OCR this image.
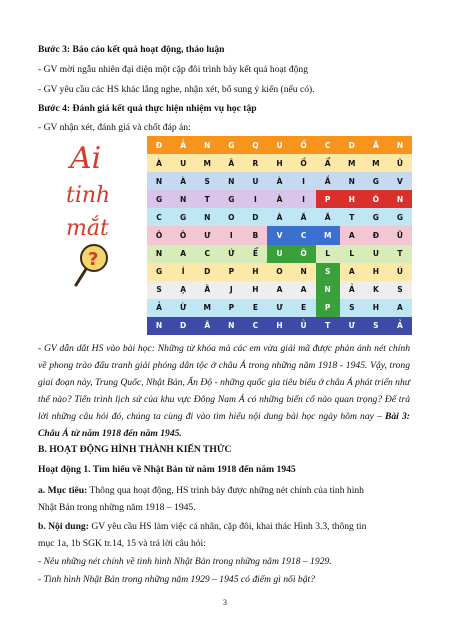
Bước 3: Báo cáo kết quả hoạt động, thảo luận
- GV mời ngẫu nhiên đại diện một cặp đôi trình bày kết quả hoạt động
- GV yêu cầu các HS khác lắng nghe, nhận xét, bổ sung ý kiến (nếu có).
Bước 4: Đánh giá kết quả thực hiện nhiệm vụ học tập
- GV nhận xét, đánh giá và chốt đáp án:
Ai
tinh
mắt
?
Đ	Ả	N	G	Q	U	Ố	C	D	Â	N
À	U	M	Â	R	H	Ồ	Ẩ	M	M	Ũ
N	À	S	N	U	À	I	Ắ	N	G	V
G	N	T	G	I	À	I	P	H	Ó	N
C	G	N	O	D	À	Ă	Ă	T	G	G
Ô	Ô	Ư	I	B	V	C	M	A	Đ	Ũ
N	A	C	Ứ	Ể	U	Ô	L	L	U	T
G	Í	D	P	H	O	N	S	A	H	Ú
S	Ạ	Â	J	H	A	A	N	Ả	K	S
Ả	Ừ	M	P	E	Ư	E	P	S	H	A
N	D	Â	N	C	H	Ủ	T	Ư	S	Ả
- GV dẫn dắt HS vào bài học: Những từ khóa mà các em vừa giải mã được phản ánh nét chính về phong trào đấu tranh giải phóng dân tộc ở châu Á trong những năm 1918 - 1945. Vậy, trong giai đoạn này, Trung Quốc, Nhật Bản, Ấn Độ - những quốc gia tiêu biểu ở châu Á phát triển như thế nào? Tiến trình lịch sử của khu vực Đông Nam Á có những biến cố nào quan trọng? Để trả lời những câu hỏi đó, chúng ta cùng đi vào tìm hiểu nội dung bài học ngày hôm nay – Bài 3: Châu Á từ năm 1918 đến năm 1945.
B. HOẠT ĐỘNG HÌNH THÀNH KIẾN THỨC
Hoạt động 1. Tìm hiểu về Nhật Bản từ năm 1918 đến năm 1945
a. Mục tiêu: Thông qua hoạt động, HS trình bày được những nét chính của tình hình
Nhật Bản trong những năm 1918 – 1945.
b. Nội dung: GV yêu cầu HS làm việc cá nhân, cặp đôi, khai thác Hình 3.3, thông tin
mục 1a, 1b SGK tr.14, 15 và trả lời câu hỏi:
- Nêu những nét chính về tình hình Nhật Bản trong những năm 1918 – 1929.
- Tình hình Nhật Bản trong những năm 1929 – 1945 có điểm gì nối bật?
3
